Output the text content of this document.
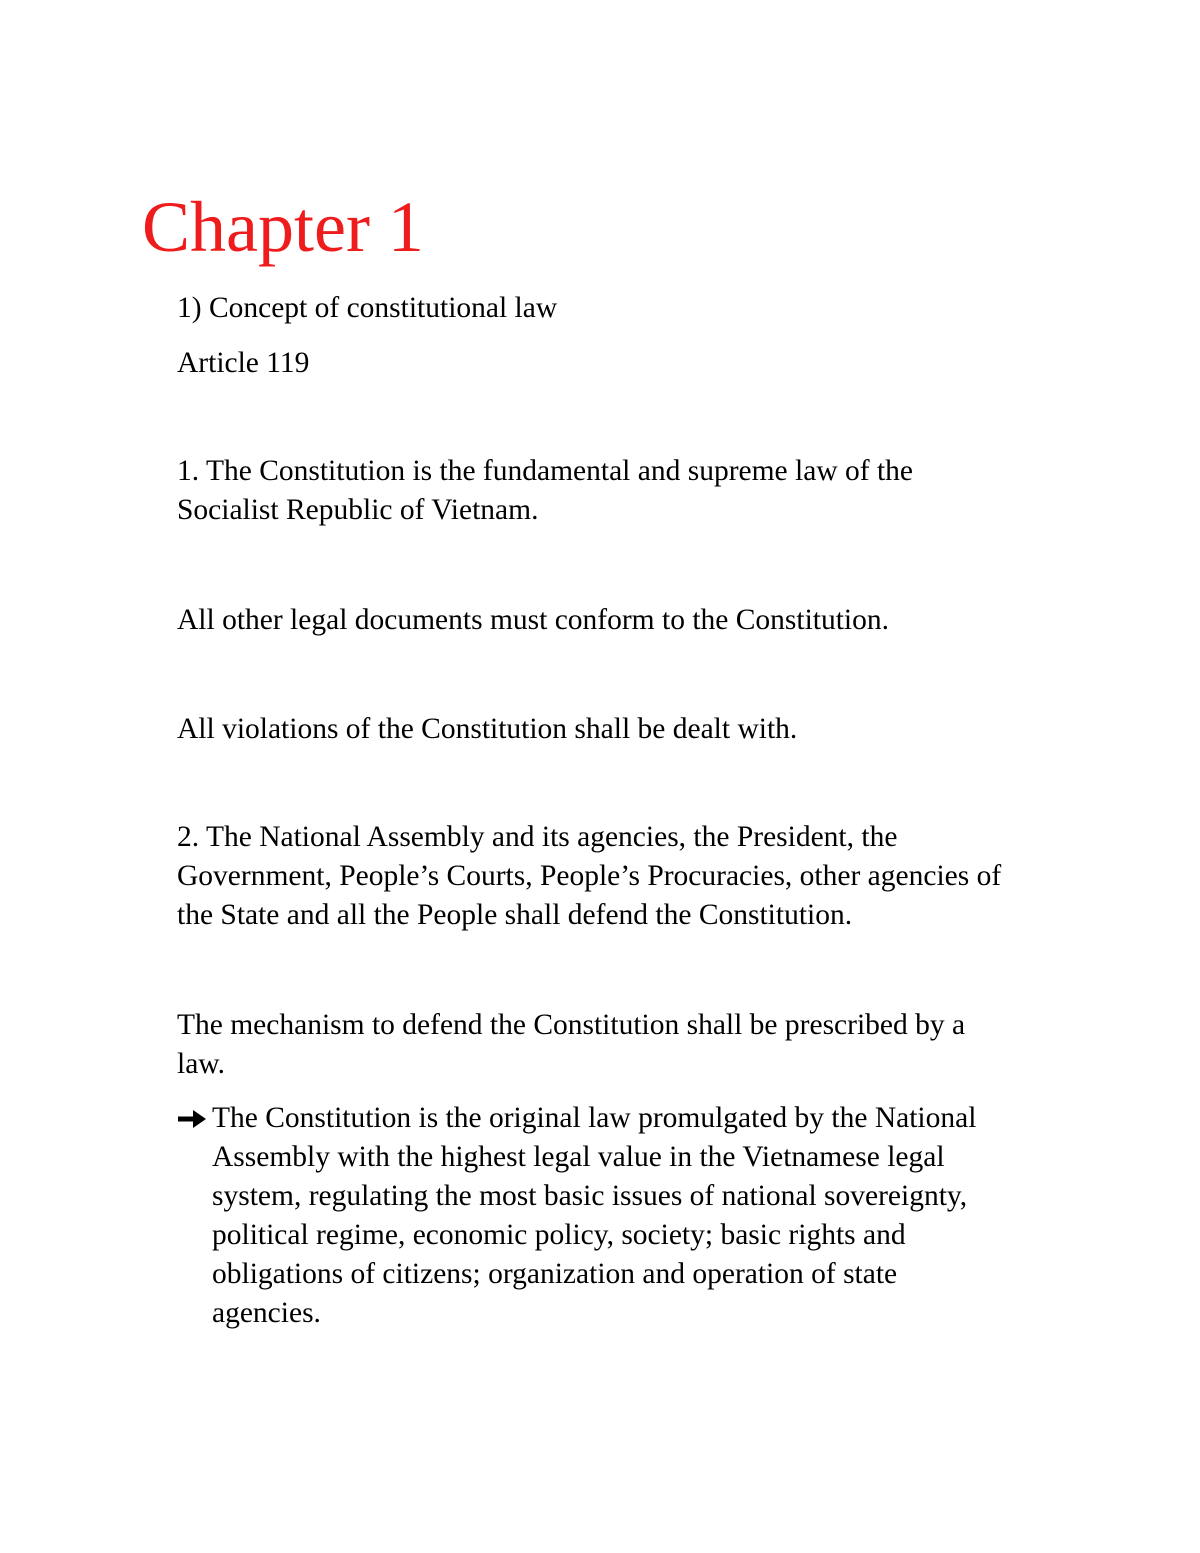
Chapter 1

1) Concept of constitutional law

Article 119

1. The Constitution is the fundamental and supreme law of the

Socialist Republic of Vietnam.

All other legal documents must conform to the Constitution.

All violations of the Constitution shall be dealt with.

2. The National Assembly and its agencies, the President, the

Government, People’s Courts, People’s Procuracies, other agencies of

the State and all the People shall defend the Constitution.

The mechanism to defend the Constitution shall be prescribed by a

law.

The Constitution is the original law promulgated by the National

Assembly with the highest legal value in the Vietnamese legal

system, regulating the most basic issues of national sovereignty,

political regime, economic policy, society; basic rights and

obligations of citizens; organization and operation of state

agencies.
